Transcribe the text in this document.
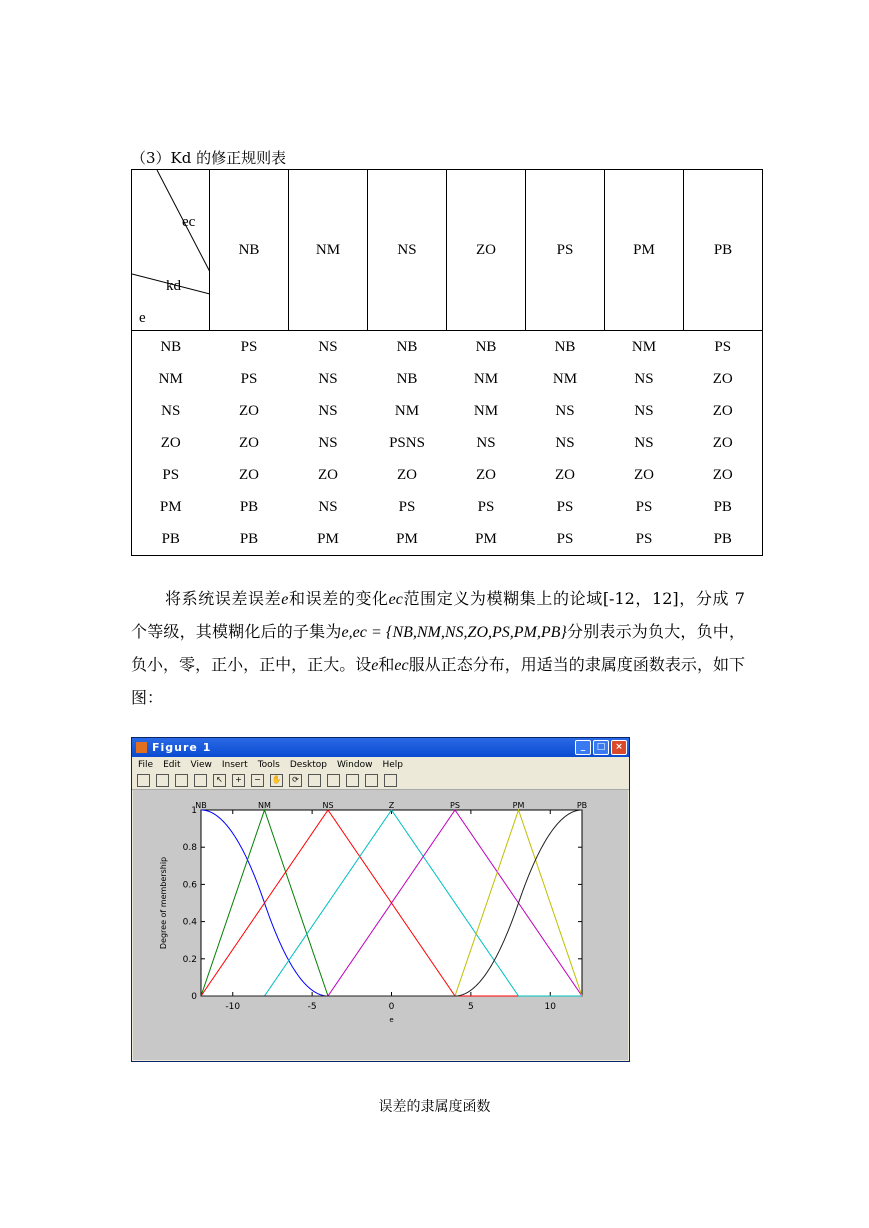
（3）Kd 的修正规则表
ec
kd
e	NB	NM	NS	ZO	PS	PM	PB
NB	PS	NS	NB	NB	NB	NM	PS
NM	PS	NS	NB	NM	NM	NS	ZO
NS	ZO	NS	NM	NM	NS	NS	ZO
ZO	ZO	NS	PSNS	NS	NS	NS	ZO
PS	ZO	ZO	ZO	ZO	ZO	ZO	ZO
PM	PB	NS	PS	PS	PS	PS	PB
PB	PB	PM	PM	PM	PS	PS	PB

将系统误差误差e和误差的变化ec范围定义为模糊集上的论域[-12，12]，分成 7 个等级，其模糊化后的子集为e,ec = {NB,NM,NS,ZO,PS,PM,PB}分别表示为负大，负中，负小，零，正小，正中，正大。设e和ec服从正态分布，用适当的隶属度函数表示，如下图：

Figure 1	_	□	×
File Edit View Insert Tools Desktop Window Help
↖	+	−	✋	⟳
0
0.2
0.4
0.6
0.8
1
-10	-5	0	5	10
e
Degree of membership
NB	NM	NS	Z	PS	PM	PB
误差的隶属度函数
